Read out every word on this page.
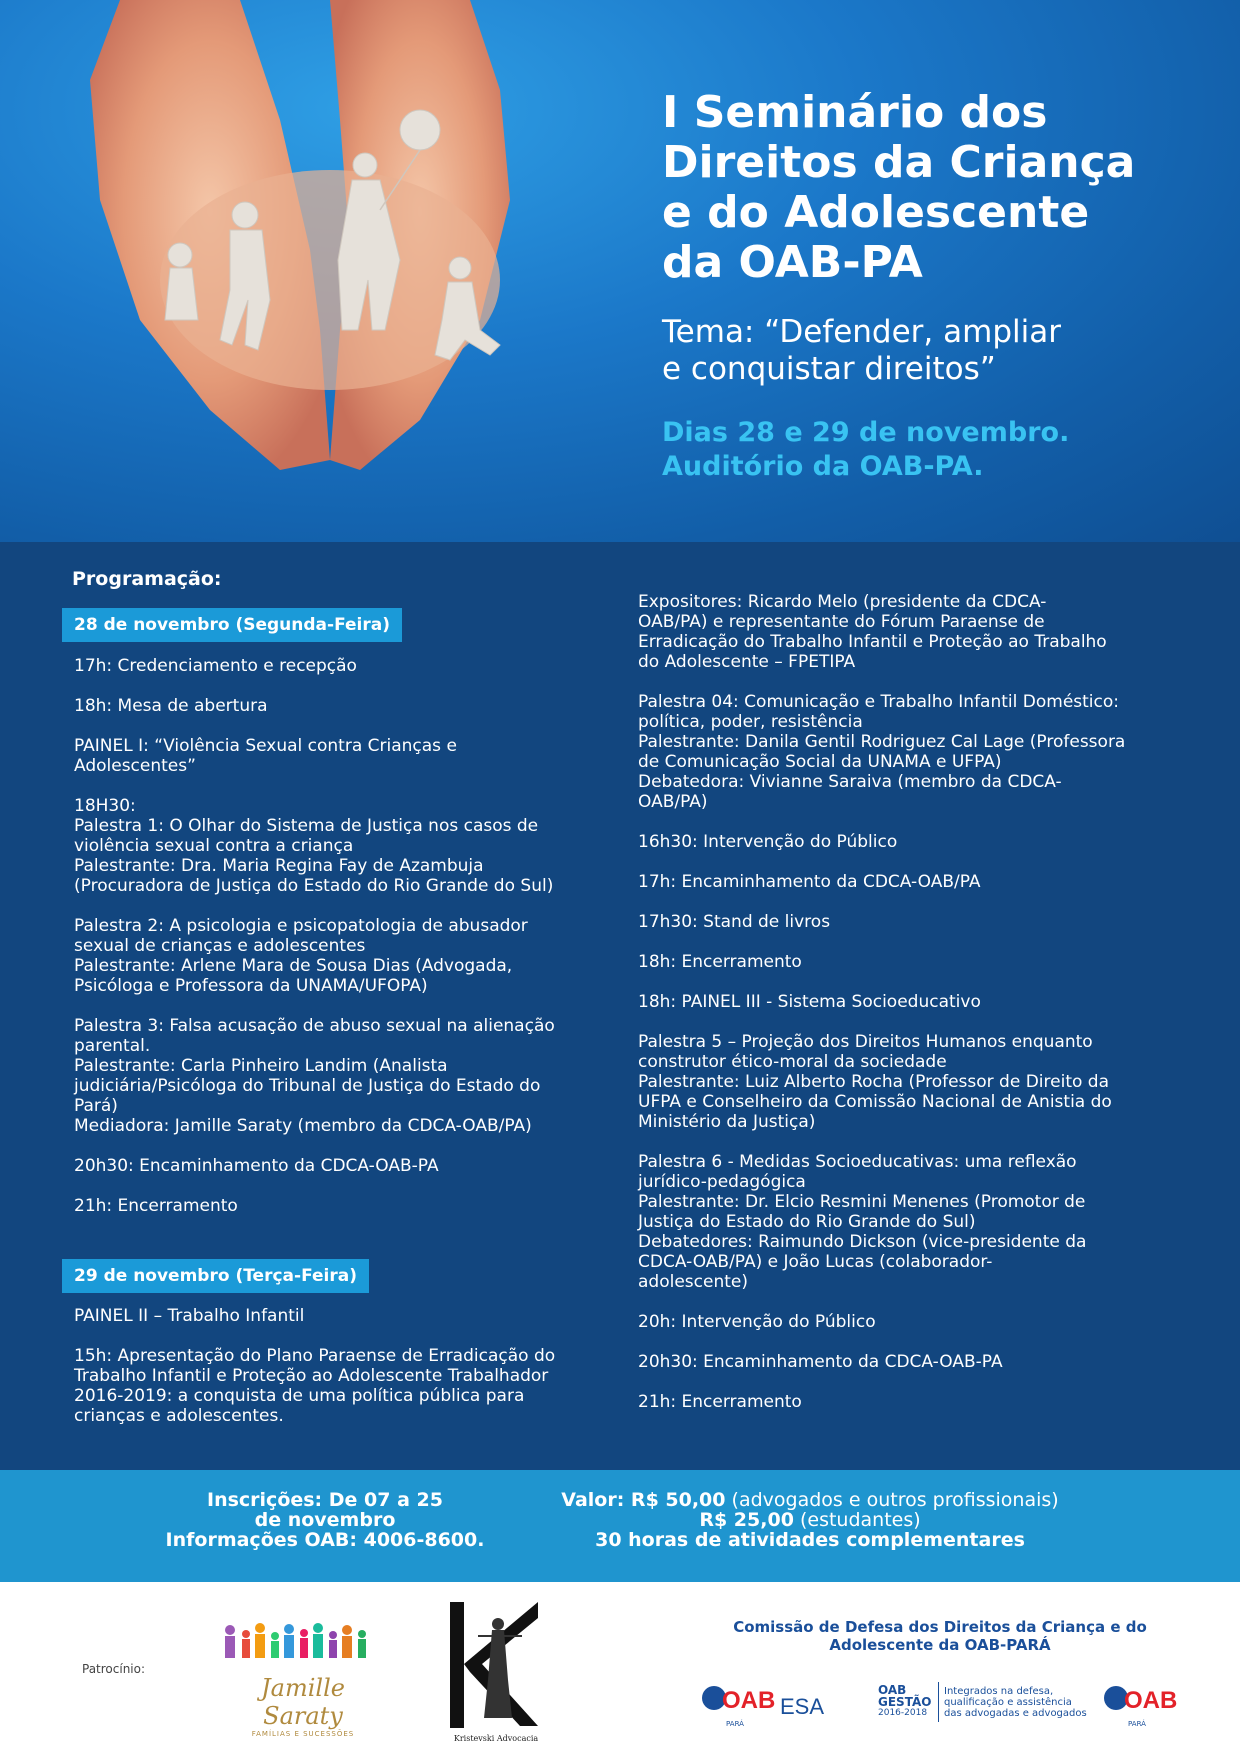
I Seminário dos
Direitos da Criança
e do Adolescente
da OAB-PA
Tema: “Defender, ampliar
e conquistar direitos”
Dias 28 e 29 de novembro.
Auditório da OAB-PA.
Programação:
28 de novembro (Segunda-Feira)
17h: Credenciamento e recepção
18h: Mesa de abertura
PAINEL I: “Violência Sexual contra Crianças e
Adolescentes”
18H30:
Palestra 1: O Olhar do Sistema de Justiça nos casos de
violência sexual contra a criança
Palestrante: Dra. Maria Regina Fay de Azambuja
(Procuradora de Justiça do Estado do Rio Grande do Sul)
Palestra 2: A psicologia e psicopatologia de abusador
sexual de crianças e adolescentes
Palestrante: Arlene Mara de Sousa Dias (Advogada,
Psicóloga e Professora da UNAMA/UFOPA)
Palestra 3: Falsa acusação de abuso sexual na alienação
parental.
Palestrante: Carla Pinheiro Landim (Analista
judiciária/Psicóloga do Tribunal de Justiça do Estado do
Pará)
Mediadora: Jamille Saraty (membro da CDCA-OAB/PA)
20h30: Encaminhamento da CDCA-OAB-PA
21h: Encerramento
29 de novembro (Terça-Feira)
PAINEL II – Trabalho Infantil
15h: Apresentação do Plano Paraense de Erradicação do
Trabalho Infantil e Proteção ao Adolescente Trabalhador
2016-2019: a conquista de uma política pública para
crianças e adolescentes.
Expositores: Ricardo Melo (presidente da CDCA-
OAB/PA) e representante do Fórum Paraense de
Erradicação do Trabalho Infantil e Proteção ao Trabalho
do Adolescente – FPETIPA
Palestra 04: Comunicação e Trabalho Infantil Doméstico:
política, poder, resistência
Palestrante: Danila Gentil Rodriguez Cal Lage (Professora
de Comunicação Social da UNAMA e UFPA)
Debatedora: Vivianne Saraiva (membro da CDCA-
OAB/PA)
16h30: Intervenção do Público
17h: Encaminhamento da CDCA-OAB/PA
17h30: Stand de livros
18h: Encerramento
18h: PAINEL III - Sistema Socioeducativo
Palestra 5 – Projeção dos Direitos Humanos enquanto
construtor ético-moral da sociedade
Palestrante: Luiz Alberto Rocha (Professor de Direito da
UFPA e Conselheiro da Comissão Nacional de Anistia do
Ministério da Justiça)
Palestra 6 - Medidas Socioeducativas: uma reflexão
jurídico-pedagógica
Palestrante: Dr. Elcio Resmini Menenes (Promotor de
Justiça do Estado do Rio Grande do Sul)
Debatedores: Raimundo Dickson (vice-presidente da
CDCA-OAB/PA) e João Lucas (colaborador-
adolescente)
20h: Intervenção do Público
20h30: Encaminhamento da CDCA-OAB-PA
21h: Encerramento
Inscrições: De 07 a 25
de novembro
Informações OAB: 4006-8600.
Valor: R$ 50,00 (advogados e outros profissionais)
R$ 25,00 (estudantes)
30 horas de atividades complementares
Patrocínio:
Jamille Saraty
FAMÍLIAS E SUCESSÕES	Kristevski Advocacia
Comissão de Defesa dos Direitos da Criança e do
Adolescente da OAB-PARÁ
OAB
PARÁ
ESA
OAB GESTÃO
2016-2018
Integrados na defesa,
qualificação e assistência
das advogadas e advogados OAB
PARÁ
